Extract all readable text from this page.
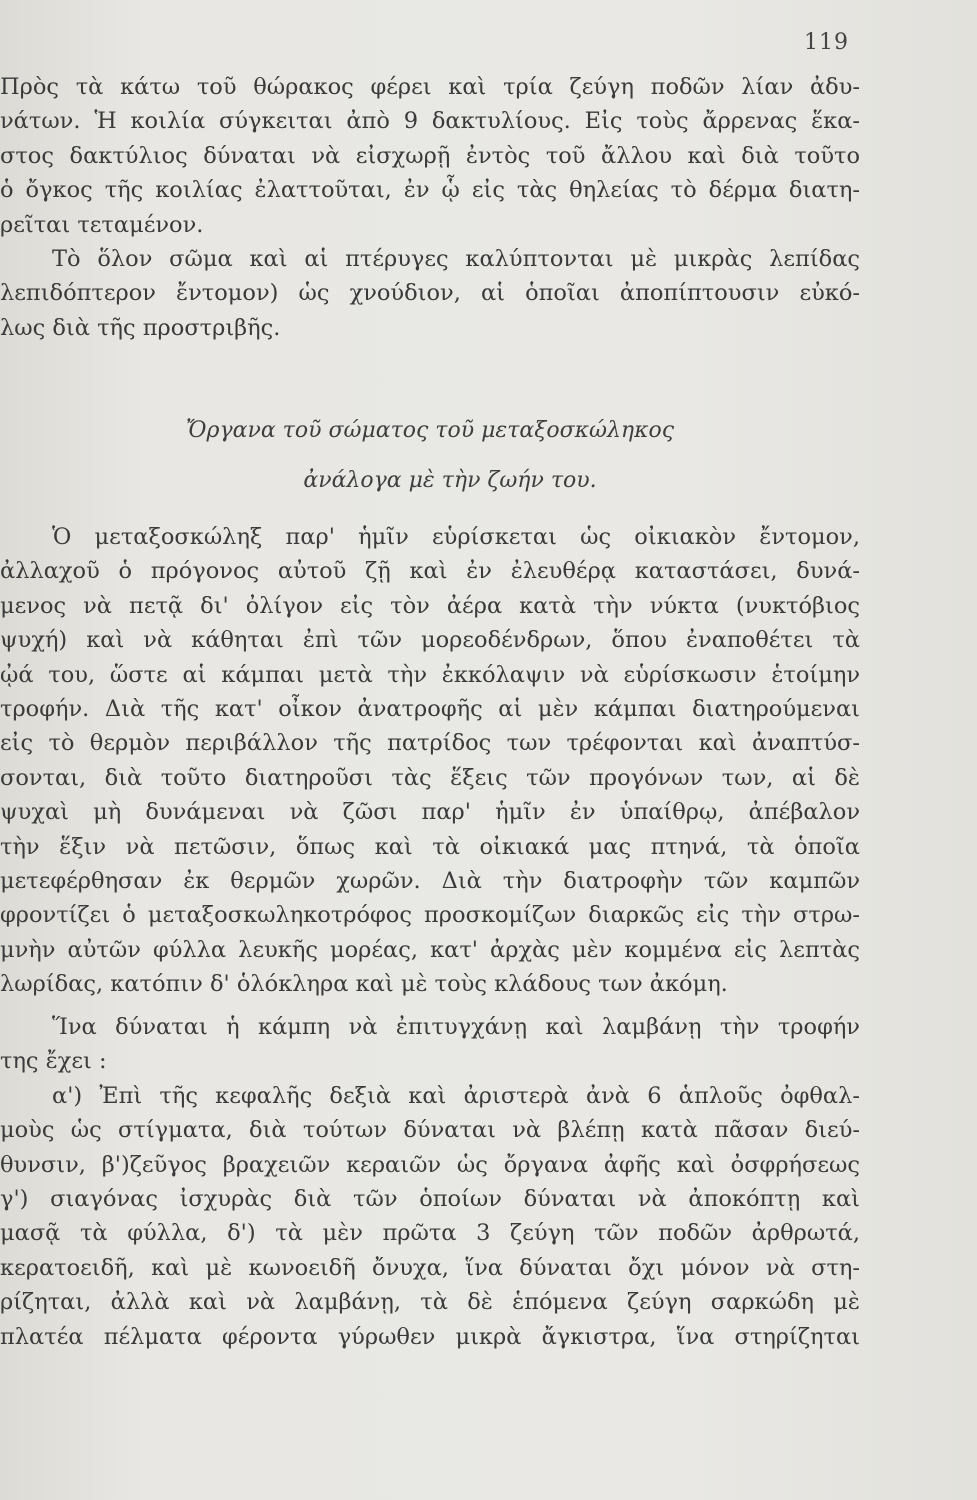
119
Πρὸς τὰ κάτω τοῦ θώρακος φέρει καὶ τρία ζεύγη ποδῶν λίαν ἀδυ-
νάτων. Ἡ κοιλία σύγκειται ἀπὸ 9 δακτυλίους. Εἰς τοὺς ἄρρενας ἕκα-
στος δακτύλιος δύναται νὰ εἰσχωρῇ ἐντὸς τοῦ ἄλλου καὶ διὰ τοῦτο
ὁ ὄγκος τῆς κοιλίας ἐλαττοῦται, ἐν ᾧ εἰς τὰς θηλείας τὸ δέρμα διατη-
ρεῖται τεταμένον.
Τὸ ὅλον σῶμα καὶ αἱ πτέρυγες καλύπτονται μὲ μικρὰς λεπίδας
λεπιδόπτερον ἔντομον) ὡς χνούδιον, αἱ ὁποῖαι ἀποπίπτουσιν εὐκό-
λως διὰ τῆς προστριβῆς.
Ὄργανα τοῦ σώματος τοῦ μεταξοσκώληκος
ἀνάλογα μὲ τὴν ζωήν του.
Ὁ μεταξοσκώληξ παρ' ἡμῖν εὑρίσκεται ὡς οἰκιακὸν ἔντομον,
ἀλλαχοῦ ὁ πρόγονος αὐτοῦ ζῇ καὶ ἐν ἐλευθέρᾳ καταστάσει, δυνά-
μενος νὰ πετᾷ δι' ὀλίγον εἰς τὸν ἀέρα κατὰ τὴν νύκτα (νυκτόβιος
ψυχή) καὶ νὰ κάθηται ἐπὶ τῶν μορεοδένδρων, ὅπου ἐναποθέτει τὰ
ᾠά του, ὥστε αἱ κάμπαι μετὰ τὴν ἐκκόλαψιν νὰ εὑρίσκωσιν ἑτοίμην
τροφήν. Διὰ τῆς κατ' οἶκον ἀνατροφῆς αἱ μὲν κάμπαι διατηρούμεναι
εἰς τὸ θερμὸν περιβάλλον τῆς πατρίδος των τρέφονται καὶ ἀναπτύσ-
σονται, διὰ τοῦτο διατηροῦσι τὰς ἕξεις τῶν προγόνων των, αἱ δὲ
ψυχαὶ μὴ δυνάμεναι νὰ ζῶσι παρ' ἡμῖν ἐν ὑπαίθρῳ, ἀπέβαλον
τὴν ἕξιν νὰ πετῶσιν, ὅπως καὶ τὰ οἰκιακά μας πτηνά, τὰ ὁποῖα
μετεφέρθησαν ἐκ θερμῶν χωρῶν. Διὰ τὴν διατροφὴν τῶν καμπῶν
φροντίζει ὁ μεταξοσκωληκοτρόφος προσκομίζων διαρκῶς εἰς τὴν στρω-
μνὴν αὐτῶν φύλλα λευκῆς μορέας, κατ' ἀρχὰς μὲν κομμένα εἰς λεπτὰς
λωρίδας, κατόπιν δ' ὁλόκληρα καὶ μὲ τοὺς κλάδους των ἀκόμη.
Ἵνα δύναται ἡ κάμπη νὰ ἐπιτυγχάνῃ καὶ λαμβάνῃ τὴν τροφήν
της ἔχει :
α') Ἐπὶ τῆς κεφαλῆς δεξιὰ καὶ ἀριστερὰ ἀνὰ 6 ἁπλοῦς ὀφθαλ-
μοὺς ὡς στίγματα, διὰ τούτων δύναται νὰ βλέπῃ κατὰ πᾶσαν διεύ-
θυνσιν, β')ζεῦγος βραχειῶν κεραιῶν ὡς ὄργανα ἀφῆς καὶ ὀσφρήσεως
γ') σιαγόνας ἰσχυρὰς διὰ τῶν ὁποίων δύναται νὰ ἀποκόπτῃ καὶ
μασᾷ τὰ φύλλα, δ') τὰ μὲν πρῶτα 3 ζεύγη τῶν ποδῶν ἀρθρωτά,
κερατοειδῆ, καὶ μὲ κωνοειδῆ ὄνυχα, ἵνα δύναται ὄχι μόνον νὰ στη-
ρίζηται, ἀλλὰ καὶ νὰ λαμβάνῃ, τὰ δὲ ἑπόμενα ζεύγη σαρκώδη μὲ
πλατέα πέλματα φέροντα γύρωθεν μικρὰ ἄγκιστρα, ἵνα στηρίζηται
